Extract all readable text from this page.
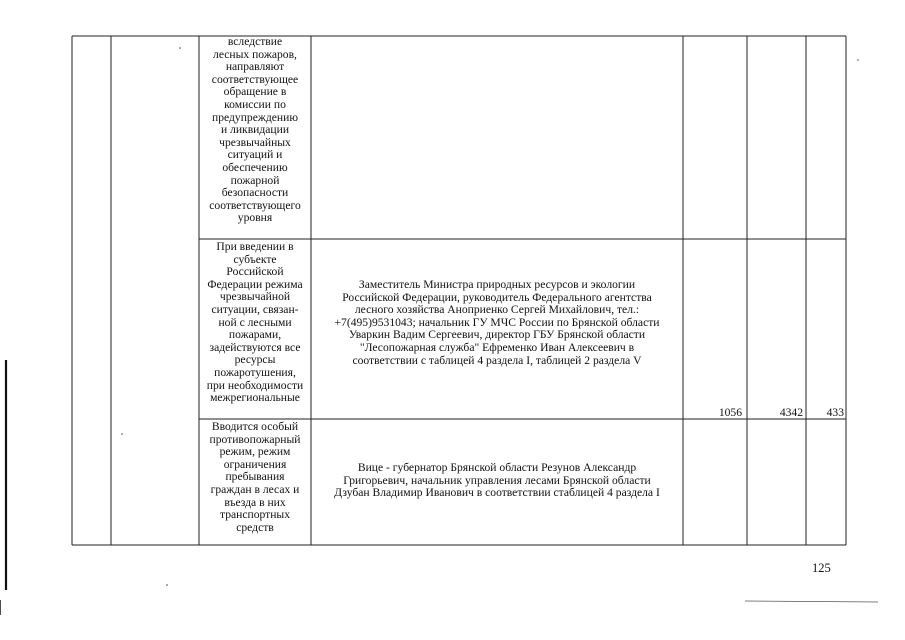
вследствие
лесных пожаров,
направляют
соответствующее
обращение в
комиссии по
предупреждению
и ликвидации
чрезвычайных
ситуаций и
обеспечению
пожарной
безопасности
соответствующего
уровня
При введении в
субъекте
Российской
Федерации режима
чрезвычайной
ситуации, связан-
ной с лесными
пожарами,
задействуются все
ресурсы
пожаротушения,
при необходимости
межрегиональные
Заместитель Министра природных ресурсов и экологии
Российской Федерации, руководитель Федерального агентства
лесного хозяйства Аноприенко Сергей Михайлович, тел.:
+7(495)9531043; начальник ГУ МЧС России по Брянской области
Уваркин Вадим Сергеевич, директор ГБУ Брянской области
"Лесопожарная служба" Ефременко Иван Алексеевич в
соответствии с таблицей 4 раздела I, таблицей 2 раздела V
1056	4342	433
Вводится особый
противопожарный
режим, режим
ограничения
пребывания
граждан в лесах и
въезда в них
транспортных
средств
Вице - губернатор Брянской области Резунов Александр
Григорьевич, начальник управления лесами Брянской области
Дзубан Владимир Иванович в соответствии стаблицей 4 раздела I
125
